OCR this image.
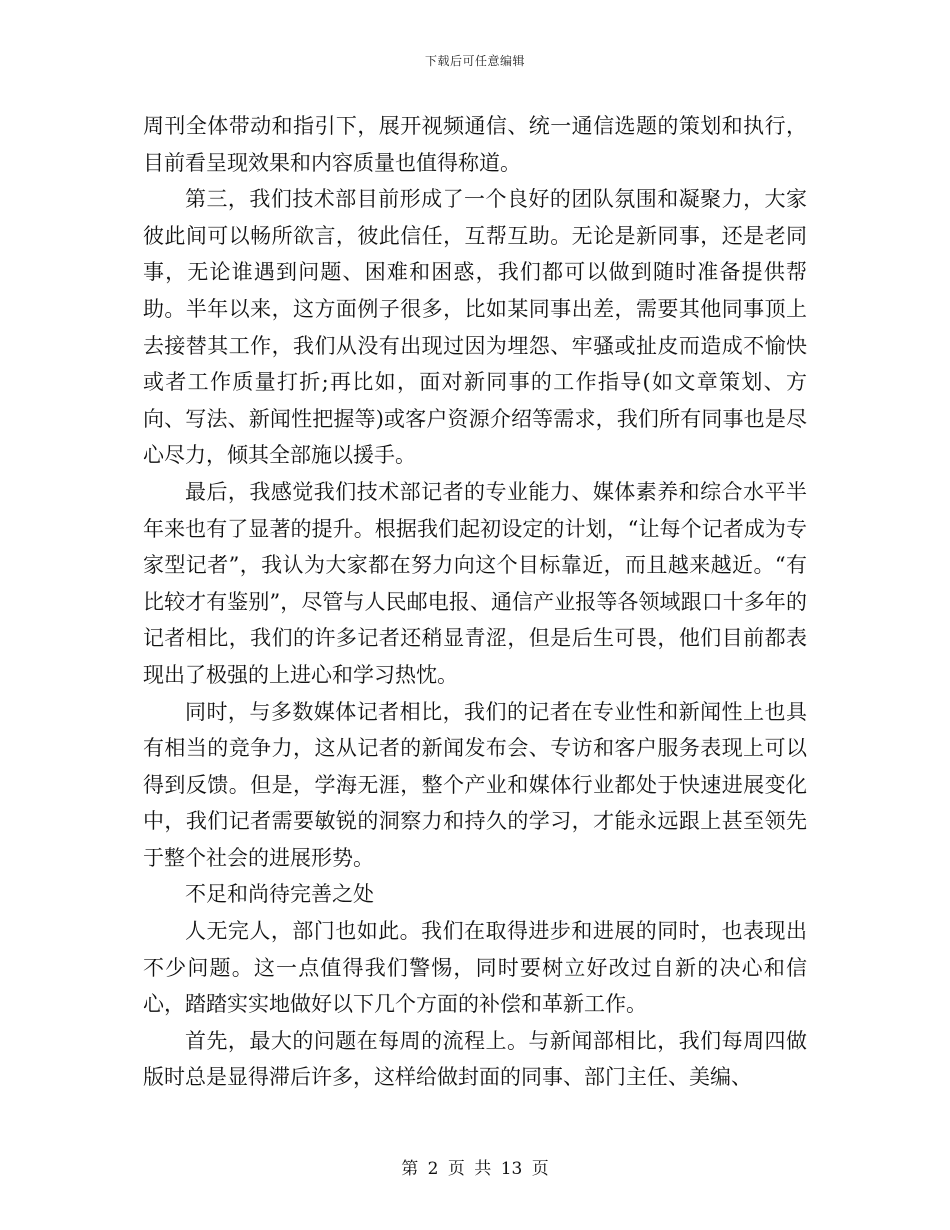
下载后可任意编辑

周刊全体带动和指引下，展开视频通信、统一通信选题的策划和执行，目前看呈现效果和内容质量也值得称道。

第三，我们技术部目前形成了一个良好的团队氛围和凝聚力，大家彼此间可以畅所欲言，彼此信任，互帮互助。无论是新同事，还是老同事，无论谁遇到问题、困难和困惑，我们都可以做到随时准备提供帮助。半年以来，这方面例子很多，比如某同事出差，需要其他同事顶上去接替其工作，我们从没有出现过因为埋怨、牢骚或扯皮而造成不愉快或者工作质量打折;再比如，面对新同事的工作指导(如文章策划、方向、写法、新闻性把握等)或客户资源介绍等需求，我们所有同事也是尽心尽力，倾其全部施以援手。

最后，我感觉我们技术部记者的专业能力、媒体素养和综合水平半年来也有了显著的提升。根据我们起初设定的计划，“让每个记者成为专家型记者”，我认为大家都在努力向这个目标靠近，而且越来越近。“有比较才有鉴别”，尽管与人民邮电报、通信产业报等各领域跟口十多年的记者相比，我们的许多记者还稍显青涩，但是后生可畏，他们目前都表现出了极强的上进心和学习热忱。

同时，与多数媒体记者相比，我们的记者在专业性和新闻性上也具有相当的竞争力，这从记者的新闻发布会、专访和客户服务表现上可以得到反馈。但是，学海无涯，整个产业和媒体行业都处于快速进展变化中，我们记者需要敏锐的洞察力和持久的学习，才能永远跟上甚至领先于整个社会的进展形势。

不足和尚待完善之处

人无完人，部门也如此。我们在取得进步和进展的同时，也表现出不少问题。这一点值得我们警惕，同时要树立好改过自新的决心和信心，踏踏实实地做好以下几个方面的补偿和革新工作。

首先，最大的问题在每周的流程上。与新闻部相比，我们每周四做版时总是显得滞后许多，这样给做封面的同事、部门主任、美编、

第 2 页 共 13 页
